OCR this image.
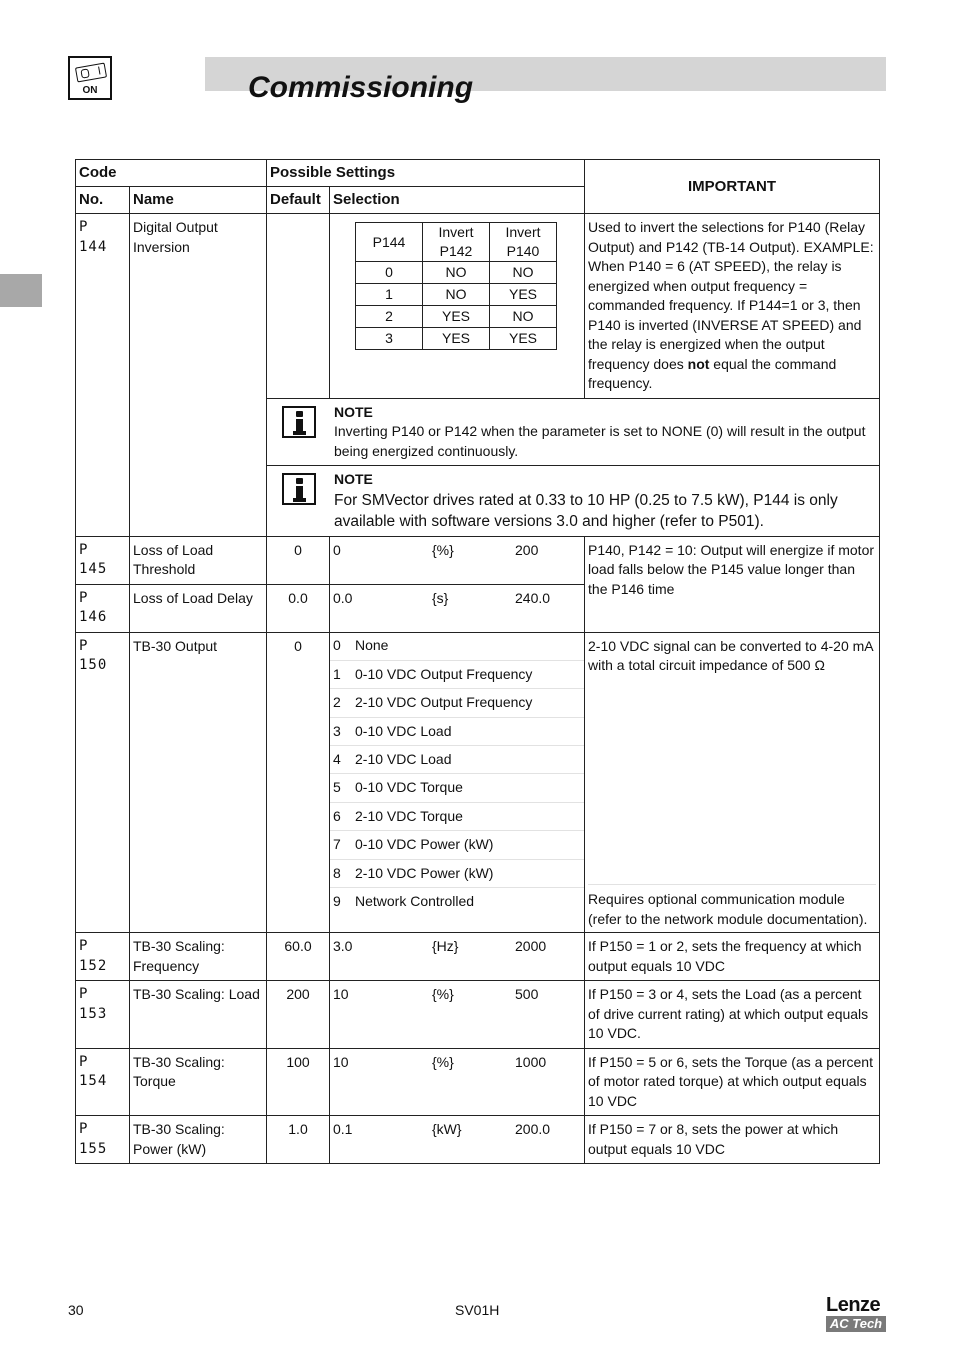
ON	Commissioning
Code	Possible Settings	IMPORTANT
No.	Name	Default	Selection
P 144	Digital Output Inversion			P144	Invert P142	Invert P140
0	NO	NO
1	NO	YES
2	YES	NO
3	YES	YES
	Used to invert the selections for P140 (Relay Output) and P142 (TB-14 Output). EXAMPLE: When P140 = 6 (AT SPEED), the relay is energized when output frequency = commanded frequency. If P144=1 or 3, then P140 is inverted (INVERSE AT SPEED) and the relay is energized when the output frequency does not equal the command frequency.

NOTE
Inverting P140 or P142 when the parameter is set to NONE (0) will result in the output being energized continuously.

NOTE
For SMVector drives rated at 0.33 to 10 HP (0.25 to 7.5 kW), P144 is only available with software versions 3.0 and higher (refer to P501).

P 145	Loss of Load Threshold	0	0	{%}	200	P140, P142 = 10: Output will energize if motor load falls below the P145 value longer than the P146 time
P 146	Loss of Load Delay	0.0	0.0	{s}	240.0

P 150	TB-30 Output	0	0	None
1	0-10 VDC Output Frequency
2	2-10 VDC Output Frequency
3	0-10 VDC Load
4	2-10 VDC Load
5	0-10 VDC Torque
6	2-10 VDC Torque
7	0-10 VDC Power (kW)
8	2-10 VDC Power (kW)
9	Network Controlled

2-10 VDC signal can be converted to 4-20 mA with a total circuit impedance of 500 Ω
Requires optional communication module (refer to the network module documentation).

P 152	TB-30 Scaling: Frequency	60.0	3.0	{Hz}	2000	If P150 = 1 or 2, sets the frequency at which output equals 10 VDC
P 153	TB-30 Scaling: Load	200	10	{%}	500	If P150 = 3 or 4, sets the Load (as a percent of drive current rating) at which output equals 10 VDC.
P 154	TB-30 Scaling: Torque	100	10	{%}	1000	If P150 = 5 or 6, sets the Torque (as a percent of motor rated torque) at which output equals 10 VDC
P 155	TB-30 Scaling: Power (kW)	1.0	0.1	{kW}	200.0	If P150 = 7 or 8, sets the power at which output equals 10 VDC
30	SV01H	Lenze
AC Tech
